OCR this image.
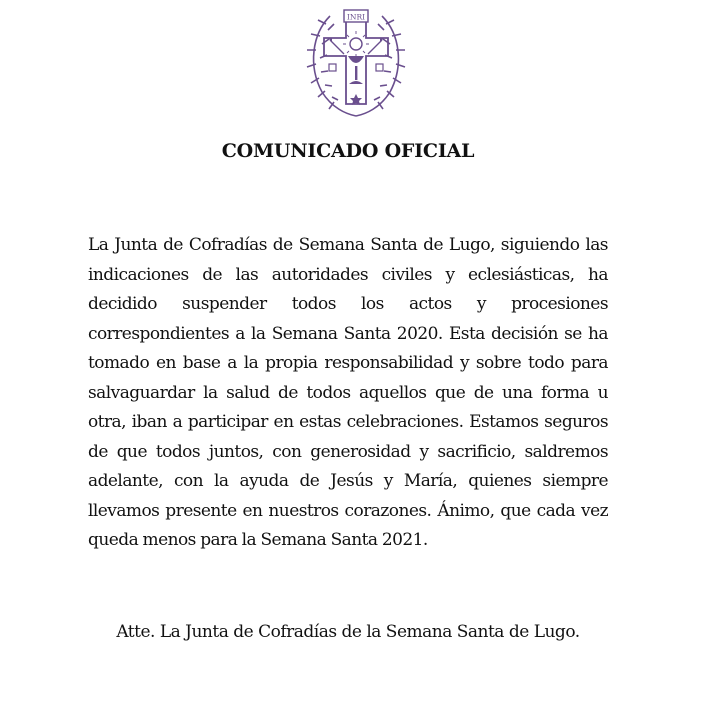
INRI
COMUNICADO OFICIAL

La Junta de Cofradías de Semana Santa de Lugo, siguiendo las indicaciones de las autoridades civiles y eclesiásticas, ha decidido suspender todos los actos y procesiones correspondientes a la Semana Santa 2020. Esta decisión se ha tomado en base a la propia responsabilidad y sobre todo para salvaguardar la salud de todos aquellos que de una forma u otra, iban a participar en estas celebraciones. Estamos seguros de que todos juntos, con generosidad y sacrificio, saldremos adelante, con la ayuda de Jesús y María, quienes siempre llevamos presente en nuestros corazones. Ánimo, que cada vez queda menos para la Semana Santa 2021.

Atte. La Junta de Cofradías de la Semana Santa de Lugo.
